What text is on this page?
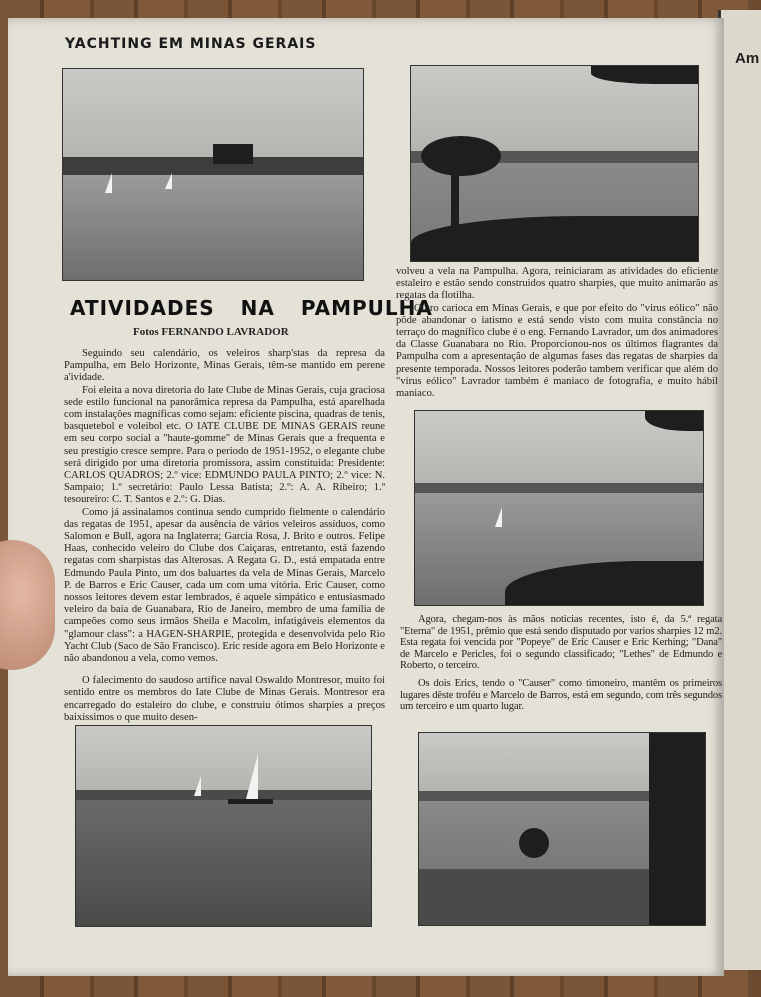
Am
YACHTING EM MINAS GERAIS
ATIVIDADES NA PAMPULHA
Fotos FERNANDO LAVRADOR

Seguindo seu calendário, os veleiros sharp'stas da represa da Pampulha, em Belo Horizonte, Minas Gerais, têm-se mantido em perene a'ividade.

Foi eleita a nova diretoria do Iate Clube de Minas Gerais, cuja graciosa sede estilo funcional na panorâmica represa da Pampulha, está aparelhada com instalações magníficas como sejam: eficiente piscina, quadras de tenis, basquetebol e voleibol etc. O IATE CLUBE DE MINAS GERAIS reune em seu corpo social a "haute-gomme" de Minas Gerais que a frequenta e seu prestígio cresce sempre. Para o periodo de 1951-1952, o elegante clube será dirigido por uma diretoria promissora, assim constituida: Presidente: CARLOS QUADROS; 2.º vice: EDMUNDO PAULA PINTO; 2.º vice: N. Sampaio; 1.º secretário: Paulo Lessa Batista; 2.º: A. A. Ribeiro; 1.º tesoureiro: C. T. Santos e 2.º: G. Dias.

Como já assinalamos continua sendo cumprido fielmente o calendário das regatas de 1951, apesar da ausência de vários veleiros assíduos, como Salomon e Bull, agora na Inglaterra; Garcia Rosa, J. Brito e outros. Felipe Haas, conhecido veleiro do Clube dos Caiçaras, entretanto, está fazendo regatas com sharpistas das Alterosas. A Regata G. D., está empatada entre Edmundo Paula Pinto, um dos baluartes da vela de Minas Gerais, Marcelo P. de Barros e Eric Causer, cada um com uma vitória. Eric Causer, como nossos leitores devem estar lembrados, é aquele simpático e entusiasmado veleiro da baía de Guanabara, Rio de Janeiro, membro de uma família de campeões como seus irmãos Sheila e Macolm, infatigáveis elementos da "glamour class": a HAGEN-SHARPIE, protegida e desenvolvida pelo Rio Yacht Club (Saco de São Francisco). Eric reside agora em Belo Horizonte e não abandonou a vela, como vemos.

O falecimento do saudoso artífice naval Oswaldo Montresor, muito foi sentido entre os membros do Iate Clube de Minas Gerais. Montresor era encarregado do estaleiro do clube, e construiu ótimos sharpies a preços baixíssimos o que muito desen-

volveu a vela na Pampulha. Agora, reiniciaram as atividades do eficiente estaleiro e estão sendo construidos quatro sharpies, que muito animarão as regatas da flotilha.

Outro carioca em Minas Gerais, e que por efeito do "virus eólico" não pôde abandonar o iatismo e está sendo visto com muita constância no terraço do magnífico clube é o eng. Fernando Lavrador, um dos animadores da Classe Guanabara no Rio. Proporcionou-nos os últimos flagrantes da Pampulha com a apresentação de algumas fases das regatas de sharpies da presente temporada. Nossos leitores poderão tambem verificar que além do "virus eólico" Lavrador também é maniaco de fotografia, e muito hábil maniaco.

Agora, chegam-nos às mãos noticias recentes, isto é, da 5.ª regata "Eterna" de 1951, prêmio que está sendo disputado por varios sharpies 12 m2. Esta regata foi vencida por "Popeye" de Eric Causer e Eric Kerhing; "Dana" de Marcelo e Pericles, foi o segundo classificado; "Lethes" de Edmundo e Roberto, o terceiro.

Os dois Erics, tendo o "Causer" como timoneiro, mantêm os primeiros lugares dêste troféu e Marcelo de Barros, está em segundo, com três segundos um terceiro e um quarto lugar.
